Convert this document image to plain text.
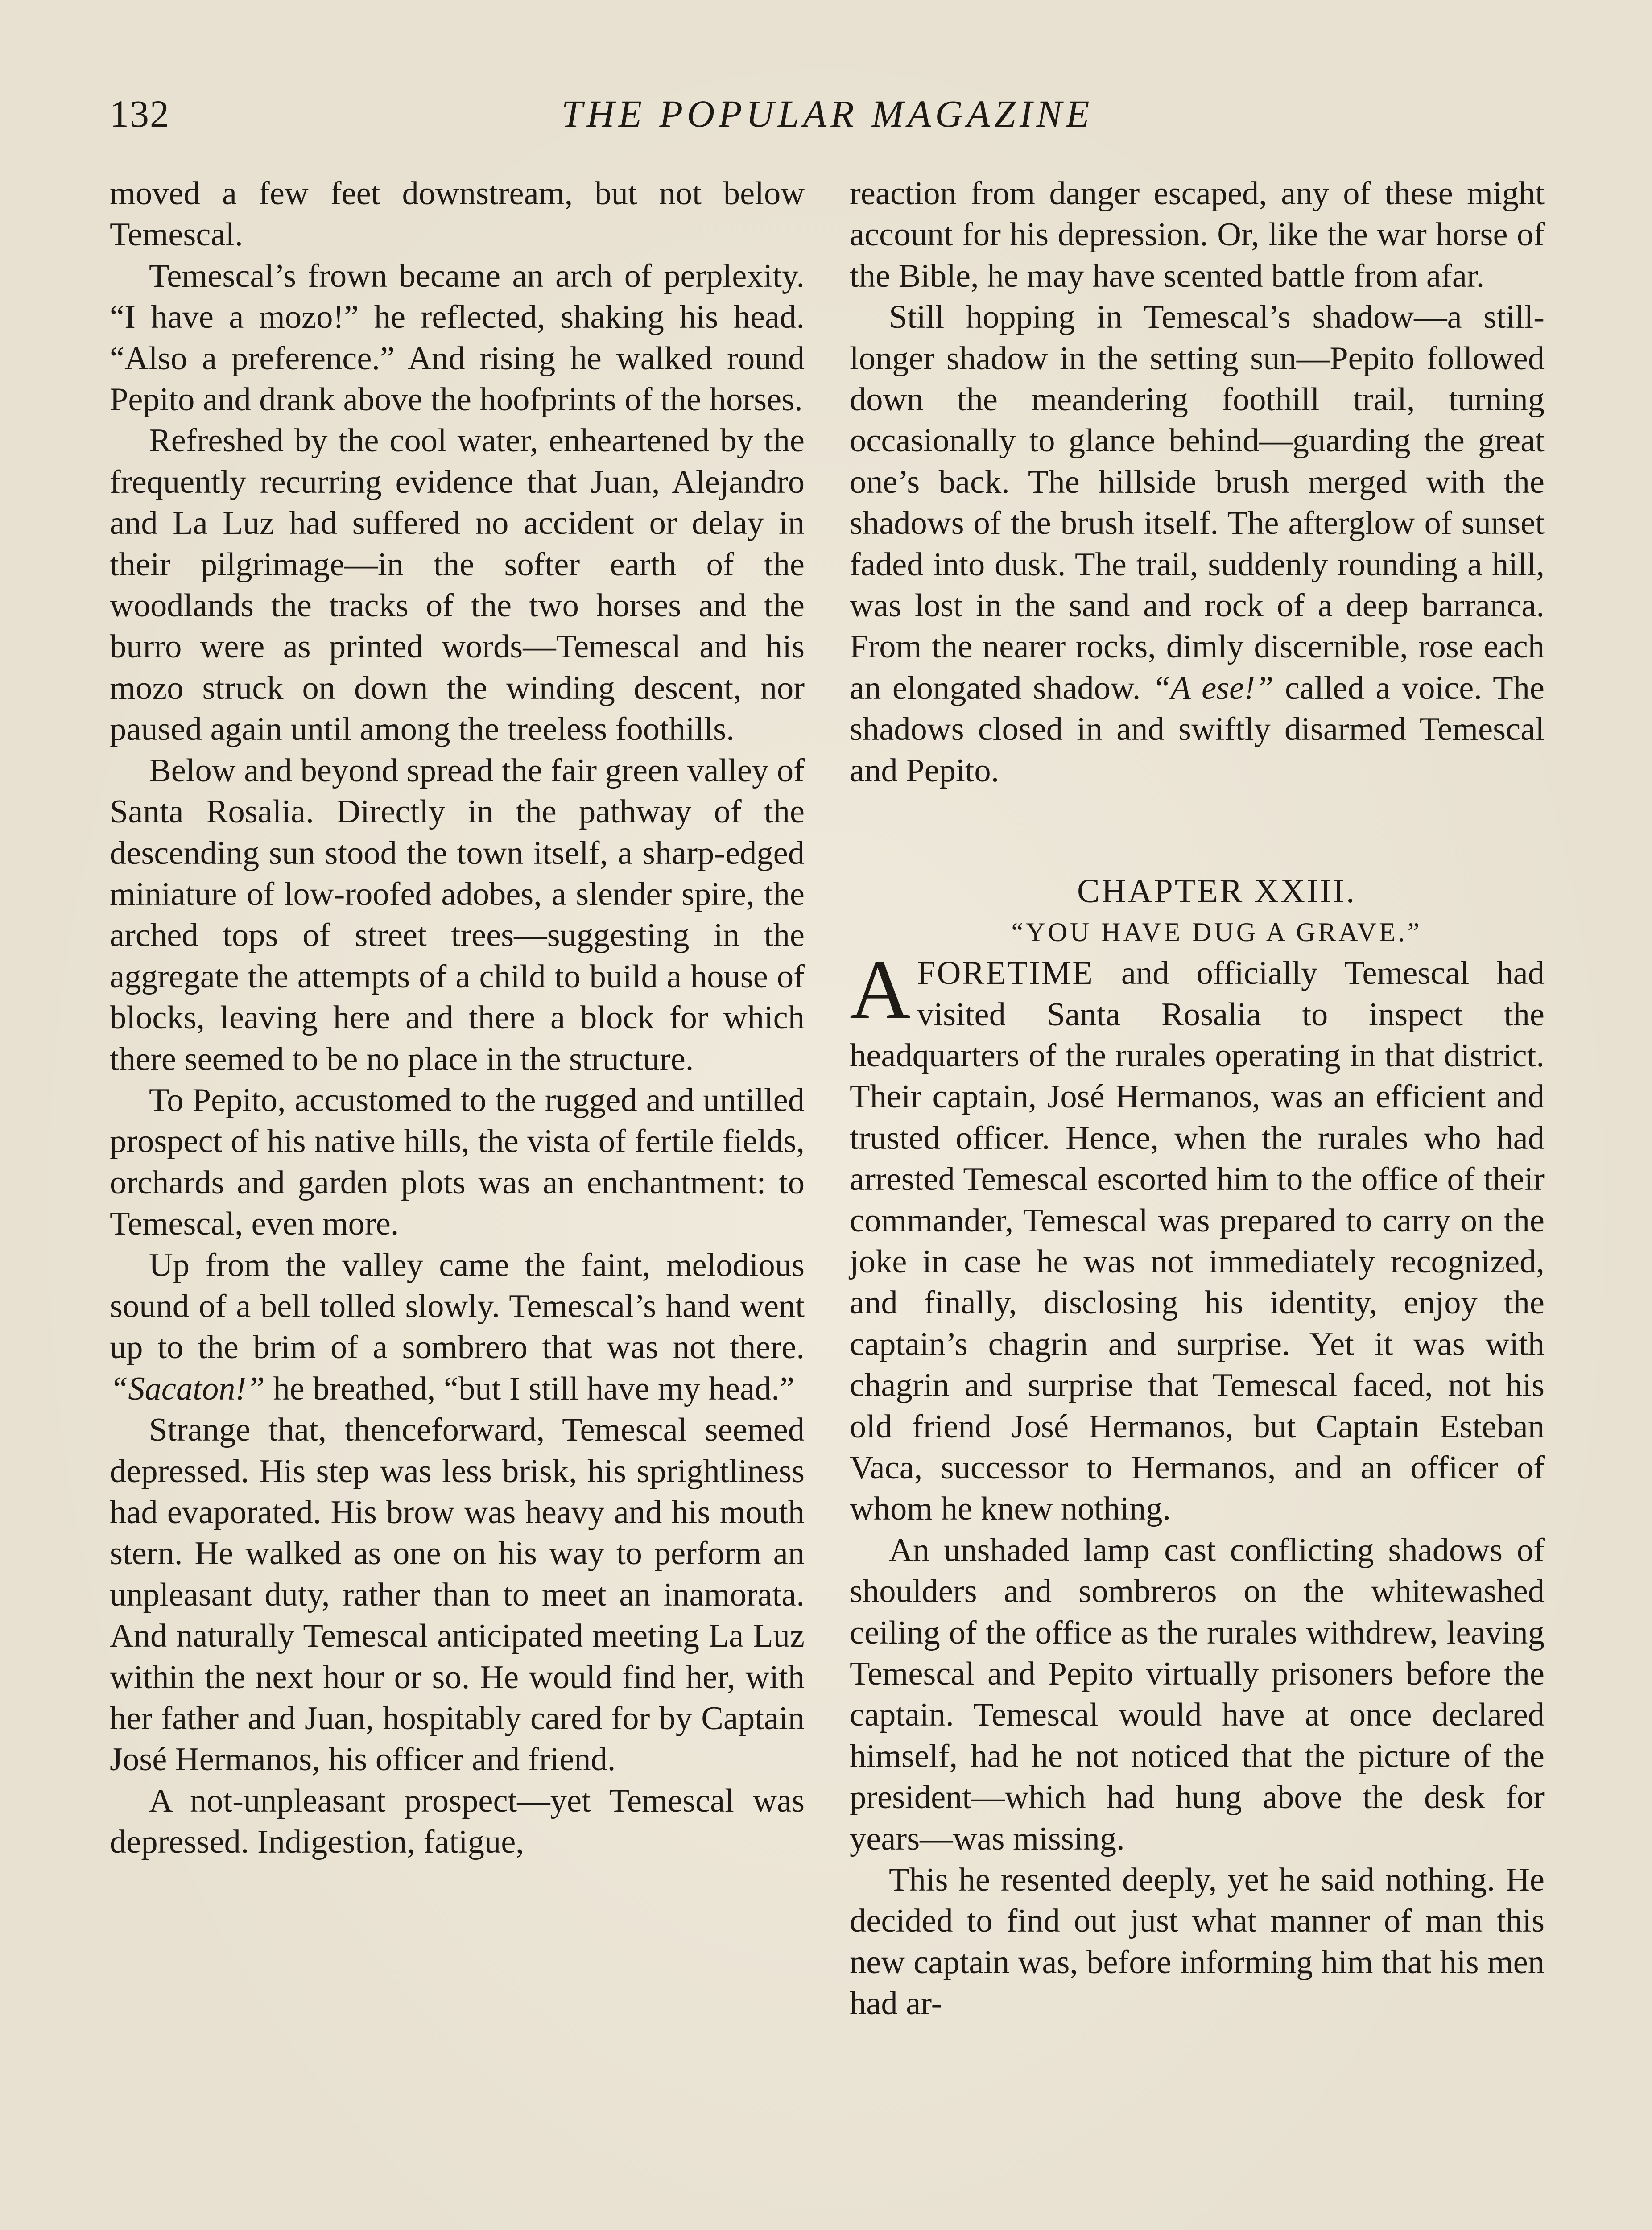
132	THE POPULAR MAGAZINE

moved a few feet downstream, but not below Temescal.

Temescal’s frown became an arch of perplexity. “I have a mozo!” he reflected, shaking his head. “Also a preference.” And rising he walked round Pepito and drank above the hoofprints of the horses.

Refreshed by the cool water, enheartened by the frequently recurring evidence that Juan, Alejandro and La Luz had suffered no accident or delay in their pilgrimage—in the softer earth of the woodlands the tracks of the two horses and the burro were as printed words—Temescal and his mozo struck on down the winding descent, nor paused again until among the treeless foothills.

Below and beyond spread the fair green valley of Santa Rosalia. Directly in the pathway of the descending sun stood the town itself, a sharp-edged miniature of low-roofed adobes, a slender spire, the arched tops of street trees—suggesting in the aggregate the attempts of a child to build a house of blocks, leaving here and there a block for which there seemed to be no place in the structure.

To Pepito, accustomed to the rugged and untilled prospect of his native hills, the vista of fertile fields, orchards and garden plots was an enchantment: to Temescal, even more.

Up from the valley came the faint, melodious sound of a bell tolled slowly. Temescal’s hand went up to the brim of a sombrero that was not there. “Sacaton!” he breathed, “but I still have my head.”

Strange that, thenceforward, Temescal seemed depressed. His step was less brisk, his sprightliness had evaporated. His brow was heavy and his mouth stern. He walked as one on his way to perform an unpleasant duty, rather than to meet an inamorata. And naturally Temescal anticipated meeting La Luz within the next hour or so. He would find her, with her father and Juan, hospitably cared for by Captain José Hermanos, his officer and friend.

A not-unpleasant prospect—yet Temescal was depressed. Indigestion, fatigue,

reaction from danger escaped, any of these might account for his depression. Or, like the war horse of the Bible, he may have scented battle from afar.

Still hopping in Temescal’s shadow—a still-longer shadow in the setting sun—Pepito followed down the meandering foothill trail, turning occasionally to glance behind—guarding the great one’s back. The hillside brush merged with the shadows of the brush itself. The afterglow of sunset faded into dusk. The trail, suddenly rounding a hill, was lost in the sand and rock of a deep barranca. From the nearer rocks, dimly discernible, rose each an elongated shadow. “A ese!” called a voice. The shadows closed in and swiftly disarmed Temescal and Pepito.

CHAPTER XXIII.

“YOU HAVE DUG A GRAVE.”

AFORETIME and officially Temescal had visited Santa Rosalia to inspect the headquarters of the rurales operating in that district. Their captain, José Hermanos, was an efficient and trusted officer. Hence, when the rurales who had arrested Temescal escorted him to the office of their commander, Temescal was prepared to carry on the joke in case he was not immediately recognized, and finally, disclosing his identity, enjoy the captain’s chagrin and surprise. Yet it was with chagrin and surprise that Temescal faced, not his old friend José Hermanos, but Captain Esteban Vaca, successor to Hermanos, and an officer of whom he knew nothing.

An unshaded lamp cast conflicting shadows of shoulders and sombreros on the whitewashed ceiling of the office as the rurales withdrew, leaving Temescal and Pepito virtually prisoners before the captain. Temescal would have at once declared himself, had he not noticed that the picture of the president—which had hung above the desk for years—was missing.

This he resented deeply, yet he said nothing. He decided to find out just what manner of man this new captain was, before informing him that his men had ar-
